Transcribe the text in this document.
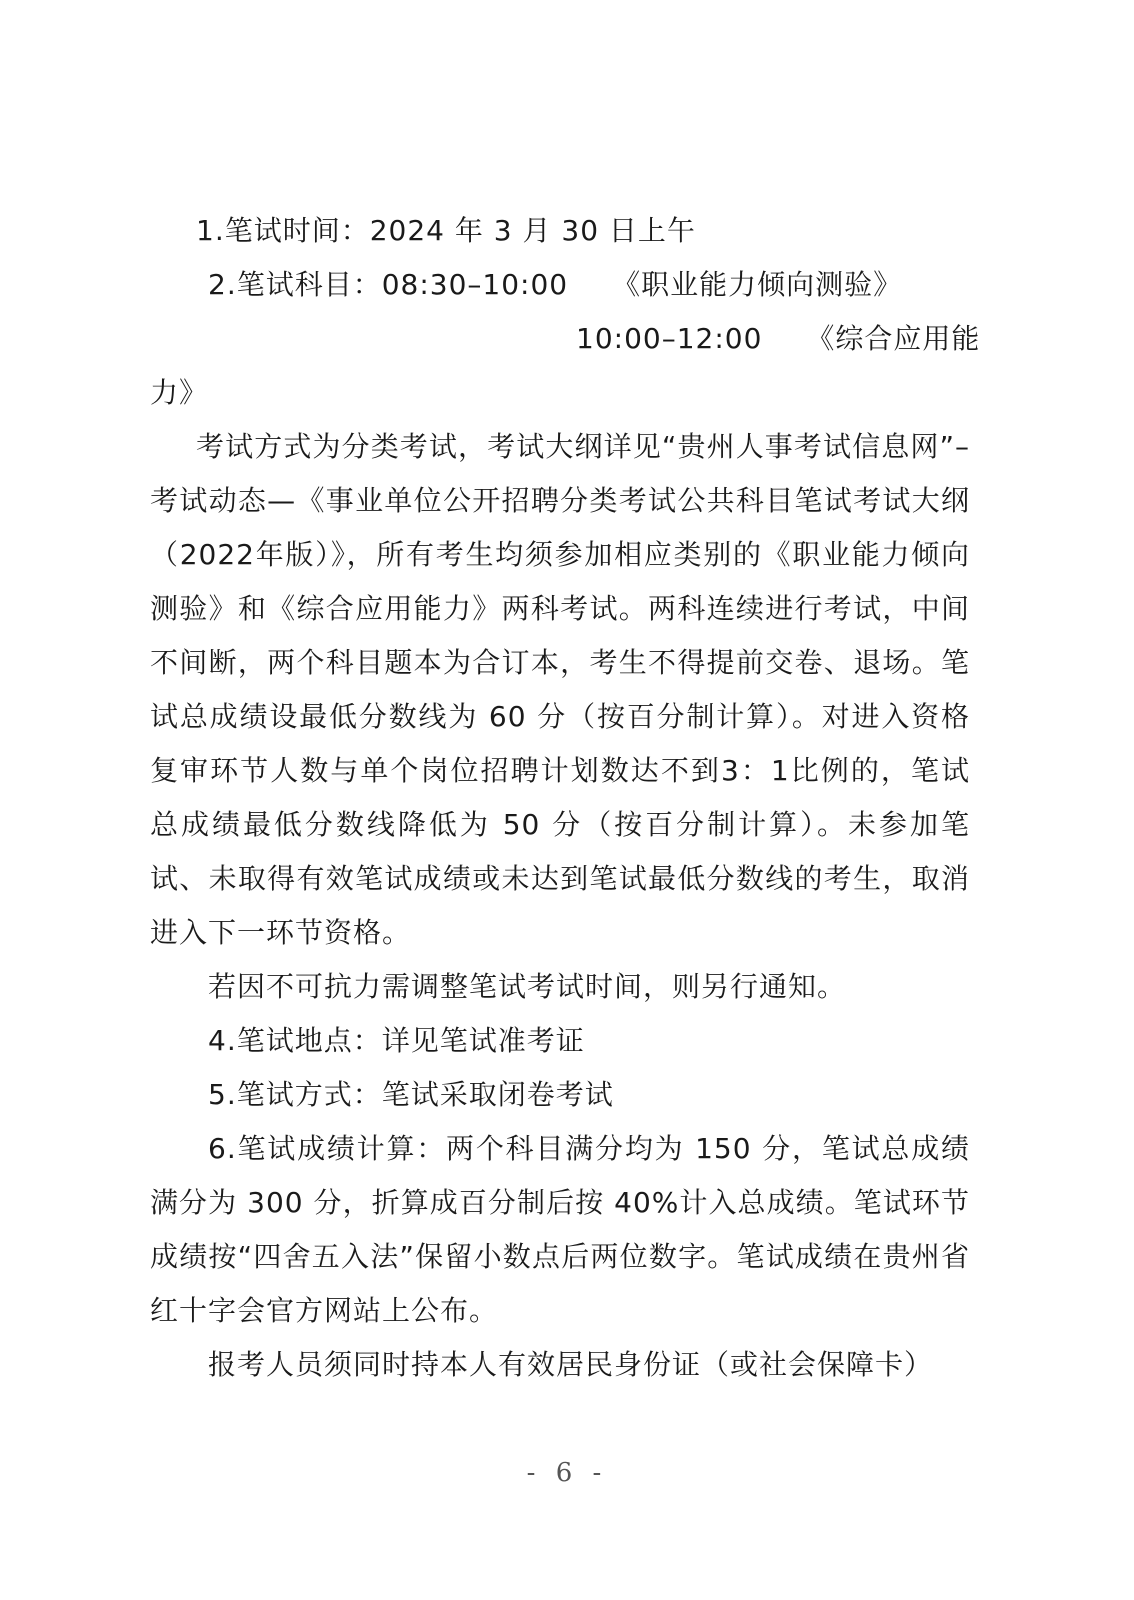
1.笔试时间：2024 年 3 月 30 日上午
2.笔试科目： 08:30–10:00	《职业能力倾向测验》
10:00–12:00	《综合应用能
力》
考试方式为分类考试，考试大纲详见“贵州人事考试信息网”–考试动态—《事业单位公开招聘分类考试公共科目笔试考试大纲（2022年版）》，所有考生均须参加相应类别的《职业能力倾向测验》和《综合应用能力》两科考试。两科连续进行考试，中间不间断，两个科目题本为合订本，考生不得提前交卷、退场。笔试总成绩设最低分数线为 60 分（按百分制计算）。对进入资格复审环节人数与单个岗位招聘计划数达不到3：1比例的，笔试总成绩最低分数线降低为 50 分（按百分制计算）。未参加笔试、未取得有效笔试成绩或未达到笔试最低分数线的考生，取消进入下一环节资格。
若因不可抗力需调整笔试考试时间，则另行通知。
4.笔试地点：详见笔试准考证
5.笔试方式：笔试采取闭卷考试
6.笔试成绩计算：两个科目满分均为 150 分，笔试总成绩满分为 300 分，折算成百分制后按 40%计入总成绩。笔试环节成绩按“四舍五入法”保留小数点后两位数字。笔试成绩在贵州省红十字会官方网站上公布。
报考人员须同时持本人有效居民身份证（或社会保障卡）
- 6 -
